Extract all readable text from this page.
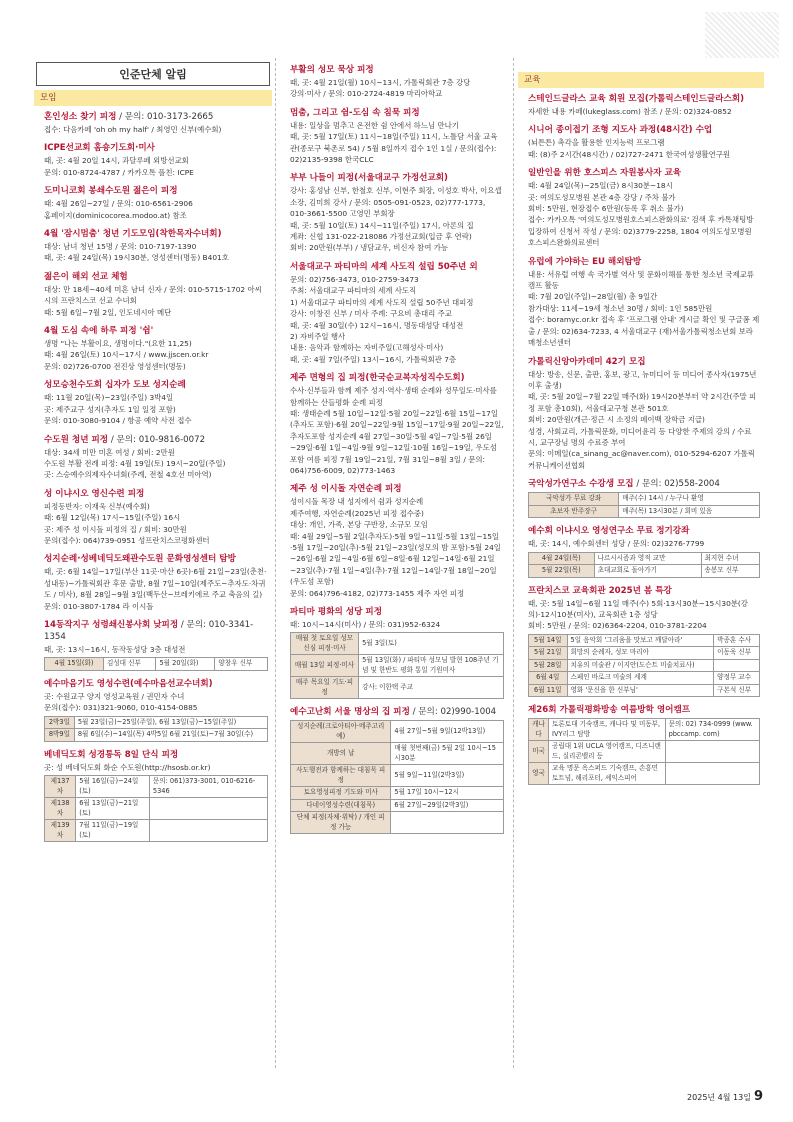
인준단체 알림
모임
혼인성소 찾기 피정 / 문의: 010-3173-2665

접수: 다음카페 'oh oh my half' / 최영민 신부(예수회)

ICPE선교회 홈숑기도회·미사

때, 곳: 4월 20일 14시, 과달루페 외방선교회

문의: 010-8724-4787 / 카카오톡 플친: ICPE

도미니코회 봉쇄수도원 젊은이 피정

때: 4월 26일~27일 / 문의: 010-6561-2906

홈페이지(dominicocorea.modoo.at) 참조

4월 '잠시멈춤' 청년 기도모임(착한목자수녀회)

대상: 남녀 청년 15명 / 문의: 010-7197-1390

때, 곳: 4월 24일(목) 19시30분, 영성센터(명동) B401호

젊은이 해외 선교 체험

대상: 만 18세~40세 미혼 남녀 신자 / 문의: 010-5715-1702 아씨시의 프란치스코 선교 수녀회

때: 5월 6일~7월 2일, 인도네시아 메단

4월 도심 속에 하루 피정 '쉼'

생명 "나는 부활이요, 생명이다."(요한 11,25)

때: 4월 26일(토) 10시~17시 / www.jjscen.or.kr

문의: 02)726-0700 전진상 영성센터(명동)

성모승천수도회 십자가 도보 성지순례

때: 11월 20일(목)~23일(주일) 3박4일

곳: 제주교구 성지(추자도 1일 일정 포함)

문의: 010-3080-9104 / 항공 예약 사전 접수

수도원 청년 피정 / 문의: 010-9816-0072

대상: 34세 미만 미혼 여성 / 회비: 2만원

수도원 부활 전례 피정: 4월 19일(토) 19시~20일(주일)

곳: 스승예수의제자수녀회(주례, 전철 4호선 미아역)

성 이냐시오 영신수련 피정

피정동반자: 이재욱 신부(예수회)

때: 6월 12일(목) 17시~15일(주일) 16시

곳: 제주 성 이시돌 피정의 집 / 회비: 30만원

문의(접수): 064)739-0951 성프란치스코평화센터

성지순례·성베네딕도왜관수도원 문화영성센터 탐방

때, 곳: 6월 14일~17일(부산 11곳·마산 6곳)·6월 21일~23일(춘천·성내동)~가톨릭회관 후문 출발, 8월 7일~10일(제주도~추자도·차귀도 / 미사), 8월 28일~9월 3일(백두산~브레키에르 주교 축음의 길)

문의: 010-3807-1784 라 이시돌

14동작지구 성령쇄신봉사회 낮피정 / 문의: 010-3341-1354

때, 곳: 13시~16시, 동작동성당 3층 대성전

4월 15일(화)	김성대 신부	5월 20일(화)	양창우 신부
예수마음기도 영성수련(예수마음선교수녀회)

곳: 수원교구 양지 영성교육원 / 권민자 수녀

문의(접수): 031)321-9060, 010-4154-0885

2박3일	5월 23일(금)~25일(주일), 6월 13일(금)~15일(주일)
8박9일	8월 6일(수)~14일(목) 4박5일 6월 21일(토)~7월 30일(수)
베네딕도회 성경통독 8일 단식 피정

곳: 성 베네딕도회 화순 수도원(http://hsosb.or.kr)

제137차	5월 16일(금)~24일(토)	문의: 061)373-3001, 010-6216-5346
제138차	6월 13일(금)~21일(토)	
제139차	7월 11일(금)~19일(토)	
부활의 성모 묵상 피정

때, 곳: 4월 21일(월) 10시~13시, 가톨릭회관 7층 강당

강의·미사 / 문의: 010-2724-4819 마리아학교

멈춤, 그리고 쉼-도심 속 침묵 피정

내용: 일상을 멈추고 온전한 쉼 안에서 하느님 만나기

때, 곳: 5월 17일(토) 11시~18일(주일) 11시, 노틀담 서울 교육관(종로구 북촌로 54) / 5월 8일까지 접수 1인 1실 / 문의(접수): 02)2135-9398 한국CLC

부부 나들이 피정(서울대교구 가정선교회)

강사: 홍성남 신부, 한철호 신부, 이현주 회장, 이성호 박사, 이요셉 소장, 김미희 강사 / 문의: 0505-091-0523, 02)777-1773, 010-3661-5500 고영민 부회장

때, 곳: 5월 10일(토) 14시~11일(주일) 17시, 아론의 집

계좌: 신협 131-022-218086 가정선교회(입금 후 연락)

회비: 20만원(부부) / 냉담교우, 비신자 참여 가능

서울대교구 파티마의 세계 사도직 설립 50주년 외

문의: 02)756-3473, 010-2759-3473

주최: 서울대교구 파티마의 세계 사도직

1) 서울대교구 파티마의 세계 사도직 설립 50주년 대피정

강사: 이창진 신부 / 미사 주례: 구요비 총대리 주교

때, 곳: 4월 30일(수) 12시~16시, 명동대성당 대성전

2) 자비주일 행사

내용: 음악과 함께하는 자비주일(고해성사·미사)

때, 곳: 4월 7일(주일) 13시~16시, 가톨릭회관 7층

제주 면형의 집 피정(한국순교복자성직수도회)

수사·신부들과 함께 제주 성지·역사·생태 순례와 성무일도·미사를 함께하는 산들평화 순례 피정

때: 생태순례 5월 10일~12일·5월 20일~22일·6월 15일~17일(추자도 포함)·6월 20일~22일·9월 15일~17일·9월 20일~22일, 추자도포함 성지순례 4월 27일~30일·5월 4일~7일·5월 26일~29일·6월 1일~4일·9월 9일~12일·10월 16일~19일, 우도섬 포함 여름 피정 7월 19일~21일, 7월 31일~8월 3일 / 문의: 064)756-6009, 02)773-1463

제주 성 이시돌 자연순례 피정

성이시돌 목장 내 성지에서 쉼과 성지순례

제주여행, 자연순례(2025년 피정 접수중)

대상: 개인, 가족, 본당 구반장, 소규모 모임

때: 4월 29일~5월 2일(추자도)·5월 9일~11일·5월 13일~15일·5월 17일~20일(추)·5월 21일~23일(성모의 밤 포함)·5월 24일~26일·6월 2일~4일·6월 6일~8일·6월 12일~14일·6월 21일~23일(추)·7월 1일~4일(추)·7월 12일~14일·7월 18일~20일(우도섬 포함)

문의: 064)796-4182, 02)773-1455 제주 자연 피정

파티마 평화의 성당 피정

때: 10시~14시(미사) / 문의: 031)952-6324

매월 첫 토요일 성모신심 피정·미사	5월 3일(토)
매월 13일 피정·미사	5월 13일(화) / 파티마 성모님 발현 108주년 기념 및 한반도 평화 통일 기원미사
매주 목요일 기도·피정	강사: 이한택 주교
예수고난회 서울 명상의 집 피정 / 문의: 02)990-1004
성지순례(크로아티아·메주고리예)	4월 27일~5월 9일(12박13일)
개방의 날	매월 첫번째(금) 5월 2일 10시~15시30분
사도행전과 함께하는 대침묵 피정	5월 9일~11일(2박3일)
토요영성피정 기도와 미사	5월 17일 10시~12시
다네이영성수련(대침묵)	6월 27일~29일(2박3일)
단체 피정(자체·위탁) / 개인 피정 가능	
교육
스테인드글라스 교육 회원 모집(가톨릭스테인드글라스회)

자세한 내용 카페(lukeglass.com) 참조 / 문의: 02)324-0852

시니어 종이접기 조형 지도사 과정(48시간) 수업

(뇌튼튼) 촉각을 활용한 인지능력 프로그램

때: (8)주 2시간(48시간) / 02)727-2471 한국여성생활연구원

일반인을 위한 호스피스 자원봉사자 교육

때: 4월 24일(목)~25일(금) 8시30분~18시

곳: 여의도성모병원 본관 4층 강당 / 주차 불가

회비: 5만원, 현장접수 6만원(등록 후 취소 불가)

접수: 카카오톡 '여의도성모병원호스피스완화의료' 검색 후 카톡채팅방 입장하여 신청서 작성 / 문의: 02)3779-2258, 1804 여의도성모병원 호스피스완화의료센터

유럽에 가야하는 EU 해외탐방

내용: 서유럽 여행 속 국가별 역사 및 문화이해를 통한 청소년 국제교류 캠프 활동

때: 7월 20일(주일)~28일(월) 총 9일간

참가대상: 11세~19세 청소년 30명 / 회비: 1인 585만원

접수: boramyc.or.kr 접속 후 '프로그램 안내' 게시글 확인 및 구글폼 제출 / 문의: 02)634-7233, 4 서울대교구 (재)서울가톨릭청소년회 보라매청소년센터

가톨릭신앙아카데미 42기 모집

대상: 방송, 신문, 출판, 홍보, 광고, 뉴미디어 등 미디어 종사자(1975년 이후 출생)

때, 곳: 5월 20일~7월 22일 매주(화) 19시20분부터 약 2시간(주말 피정 포함 총10회), 서울대교구청 본관 501호

회비: 20만원(개근·정근 시 소정의 페이백 장학금 지급)

성경, 사회교리, 가톨릭문화, 미디어윤리 등 다양한 주제의 강의 / 수료시, 교구장님 명의 수료증 부여

문의: 이메일(ca_sinang_ac@naver.com), 010-5294-6207 가톨릭커뮤니케이션협회

국악성가연구소 수강생 모집 / 문의: 02)558-2004
국악성가 무료 강좌	매주(수) 14시 / 누구나 환영
초보자 반주장구	매주(목) 13시30분 / 회비 있음
예수회 이냐시오 영성연구소 무료 정기강좌

때, 곳: 14시, 예수회센터 성당 / 문의: 02)3276-7799

4월 24일(목)	나르시시즘과 영적 교만	최지현 수녀
5월 22일(목)	초대교회로 돌아가기	송봉모 신부
프란치스코 교육회관 2025년 봄 특강

때, 곳: 5월 14일~6월 11일 매주(수) 5회·13시30분~15시30분(강의)·12시10분(미사), 교육회관 1층 성당

회비: 5만원 / 문의: 02)6364-2204, 010-3781-2204

5월 14일	5일 음악회 '그리움을 맛보고 깨달아라'	박종훈 수사
5월 21일	희망의 순례자, 성모 마리아	이동욱 신부
5월 28일	치유의 미술관 / 이지안(도슨트 미술치료사)	
6월 4일	스페인 바로크 미술의 세계	양정무 교수
6월 11일	영화 '문신을 한 신부님'	구본석 신부
제26회 가톨릭평화방송 여름방학 영어캠프
캐나다	토론토대 기숙캠프, 캐나다 및 미동부, IVY리그 탐방	문의: 02) 734-0999 (www. pbccamp. com)
미국	공립대 1위 UCLA 영어캠프, 디즈니랜드, 실리콘밸리 등	
영국	교육 명문 옥스퍼드 기숙캠프, 손흥민 토트넘, 해리포터, 셰익스피어	
2025년 4월 13일 9
